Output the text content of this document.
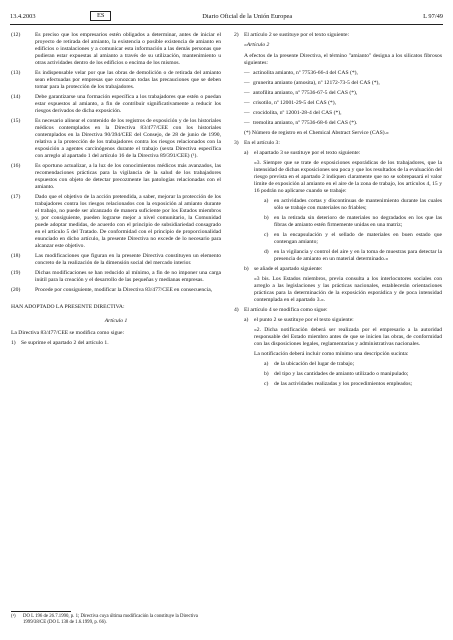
13.4.2003	ES	Diario Oficial de la Unión Europea	L 97/49
(12)	Es preciso que los empresarios estén obligados a determinar, antes de iniciar el proyecto de retirada del amianto, la existencia o posible existencia de amianto en edificios o instalaciones y a comunicar esta información a las demás personas que pudieran estar expuestas al amianto a través de su utilización, mantenimiento u otras actividades dentro de los edificios o encima de los mismos.
(13)	Es indispensable velar por que las obras de demolición o de retirada del amianto sean efectuadas por empresas que conozcan todas las precauciones que se deben tomar para la protección de los trabajadores.
(14)	Debe garantizarse una formación específica a los trabajadores que estén o puedan estar expuestos al amianto, a fin de contribuir significativamente a reducir los riesgos derivados de dicha exposición.
(15)	Es necesario alinear el contenido de los registros de exposición y de los historiales médicos contemplados en la Directiva 83/477/CEE con los historiales contemplados en la Directiva 90/394/CEE del Consejo, de 28 de junio de 1990, relativa a la protección de los trabajadores contra los riesgos relacionados con la exposición a agentes carcinógenos durante el trabajo (sexta Directiva específica con arreglo al apartado 1 del artículo 16 de la Directiva 89/391/CEE) (¹).
(16)	Es oportuno actualizar, a la luz de los conocimientos médicos más avanzados, las recomendaciones prácticas para la vigilancia de la salud de los trabajadores expuestos con objeto de detectar precozmente las patologías relacionadas con el amianto.
(17)	Dado que el objetivo de la acción pretendida, a saber, mejorar la protección de los trabajadores contra los riesgos relacionados con la exposición al amianto durante el trabajo, no puede ser alcanzado de manera suficiente por los Estados miembros y, por consiguiente, pueden lograrse mejor a nivel comunitario, la Comunidad puede adoptar medidas, de acuerdo con el principio de subsidiariedad consagrado en el artículo 5 del Tratado. De conformidad con el principio de proporcionalidad enunciado en dicho artículo, la presente Directiva no excede de lo necesario para alcanzar este objetivo.
(18)	Las modificaciones que figuran en la presente Directiva constituyen un elemento concreto de la realización de la dimensión social del mercado interior.
(19)	Dichas modificaciones se han reducido al mínimo, a fin de no imponer una carga inútil para la creación y el desarrollo de las pequeñas y medianas empresas.
(20)	Procede por consiguiente, modificar la Directiva 83/477/CEE en consecuencia,
HAN ADOPTADO LA PRESENTE DIRECTIVA:
Artículo 1
La Directiva 83/477/CEE se modifica como sigue:
1) Se suprime el apartado 2 del artículo 1.
(¹)	DO L 196 de 26.7.1990, p. 1; Directiva cuya última modificación la constituye la Directiva 1999/38/CE (DO L 138 de 1.6.1999, p. 66).
2) El artículo 2 se sustituye por el texto siguiente:
«Artículo 2
A efectos de la presente Directiva, el término "amianto" designa a los silicatos fibrosos siguientes:
— actinolita amianto, nº 77536-66-4 del CAS (*),
— grunerita amianto (amosita), nº 12172-73-5 del CAS (*),
— antofilita amianto, nº 77536-67-5 del CAS (*),
— crisotilo, nº 12001-29-5 del CAS (*),
— crocidolita, nº 12001-28-4 del CAS (*),
— tremolita amianto, nº 77536-68-6 del CAS (*).
(*) Número de registro en el Chemical Abstract Service (CAS).»
3) En el artículo 3:
a)	el apartado 3 se sustituye por el texto siguiente:
«3. Siempre que se trate de exposiciones esporádicas de los trabajadores, que la intensidad de dichas exposiciones sea poca y que los resultados de la evaluación del riesgo prevista en el apartado 2 indiquen claramente que no se sobrepasará el valor límite de exposición al amianto en el aire de la zona de trabajo, los artículos 4, 15 y 16 podrán no aplicarse cuando se trabaje:
a)	en actividades cortas y discontinuas de mantenimiento durante las cuales sólo se trabaje con materiales no friables;
b) en la retirada sin deterioro de materiales no degradados en los que las fibras de amianto estén firmemente unidas en una matriz;
c)	en la encapsulación y el sellado de materiales en buen estado que contengan amianto;
d) en la vigilancia y control del aire y en la toma de muestras para detectar la presencia de amianto en un material determinado.»
b) se añade el apartado siguiente:
«3 bis. Los Estados miembros, previa consulta a los interlocutores sociales con arreglo a las legislaciones y las prácticas nacionales, establecerán orientaciones prácticas para la determinación de la exposición esporádica y de poca intensidad contemplada en el apartado 3.».
4) El artículo 4 se modifica como sigue:
a)	el punto 2 se sustituye por el texto siguiente:
«2. Dicha notificación deberá ser realizada por el empresario a la autoridad responsable del Estado miembro antes de que se inicien las obras, de conformidad con las disposiciones legales, reglamentarias y administrativas nacionales.
La notificación deberá incluir como mínimo una descripción sucinta:
a)	de la ubicación del lugar de trabajo;
b) del tipo y las cantidades de amianto utilizado o manipulado;
c)	de las actividades realizadas y los procedimientos empleados;
